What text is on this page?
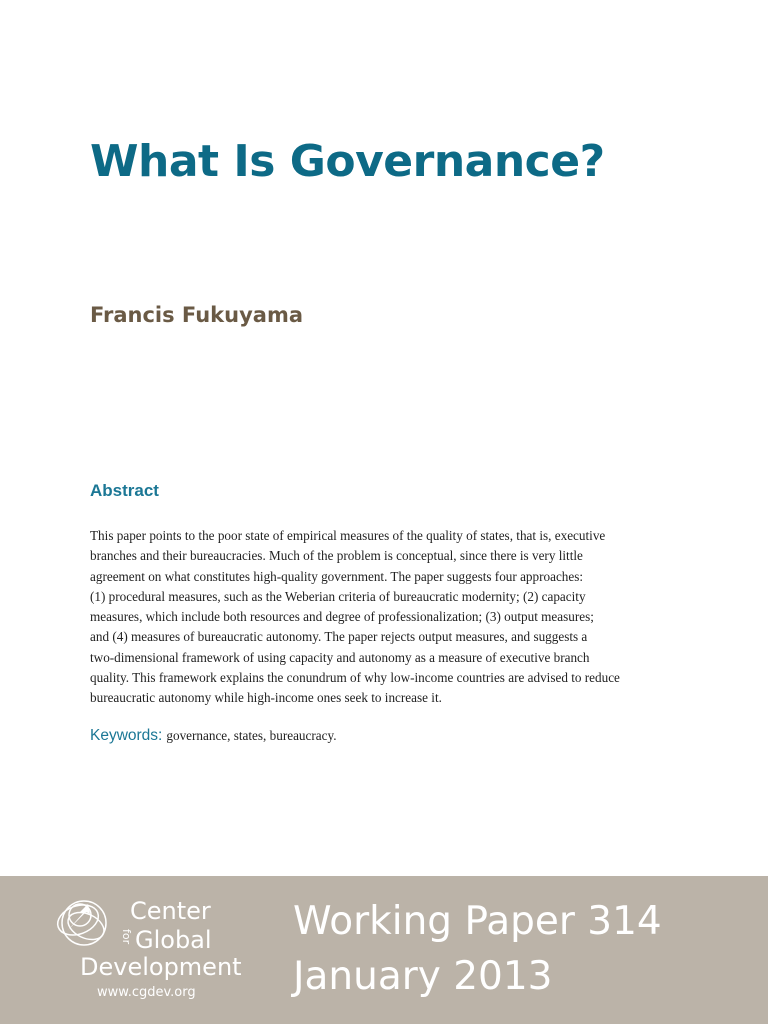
What Is Governance?
Francis Fukuyama
Abstract
This paper points to the poor state of empirical measures of the quality of states, that is, executive
branches and their bureaucracies. Much of the problem is conceptual, since there is very little
agreement on what constitutes high-quality government. The paper suggests four approaches:
(1) procedural measures, such as the Weberian criteria of bureaucratic modernity; (2) capacity
measures, which include both resources and degree of professionalization; (3) output measures;
and (4) measures of bureaucratic autonomy. The paper rejects output measures, and suggests a
two-dimensional framework of using capacity and autonomy as a measure of executive branch
quality. This framework explains the conundrum of why low-income countries are advised to reduce
bureaucratic autonomy while high-income ones seek to increase it.

Keywords: governance, states, bureaucracy.

Center
for Global
Development
www.cgdev.org
Working Paper 314
January 2013
